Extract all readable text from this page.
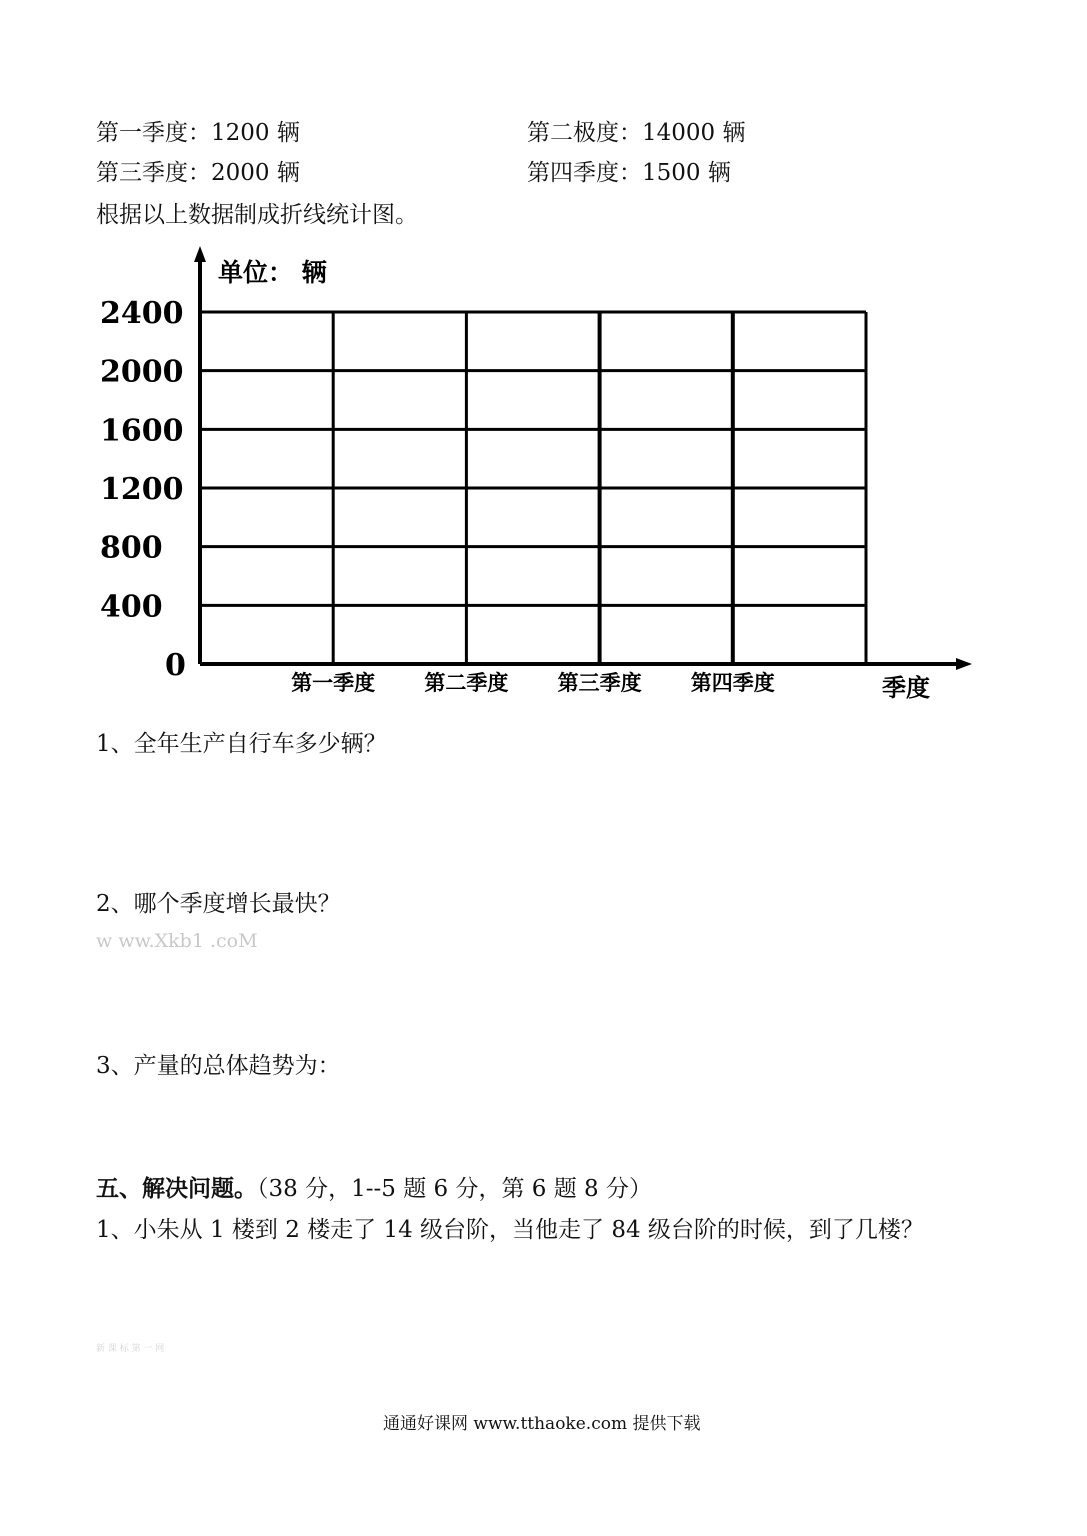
第一季度：1200 辆	第二极度：14000 辆
第三季度：2000 辆	第四季度：1500 辆
根据以上数据制成折线统计图。
2400
2000
1600
1200
800
400
0	第一季度 第二季度 第三季度 第四季度
单位： 辆
季度
1、全年生产自行车多少辆？
2、哪个季度增长最快？
w ww.Xkb1 .coM
3、产量的总体趋势为：
五、解决问题。（38 分，1--5 题 6 分，第 6 题 8 分）
1、小朱从 1 楼到 2 楼走了 14 级台阶，当他走了 84 级台阶的时候，到了几楼？
新 课 标 第 一 网
通通好课网 www.tthaoke.com 提供下载
